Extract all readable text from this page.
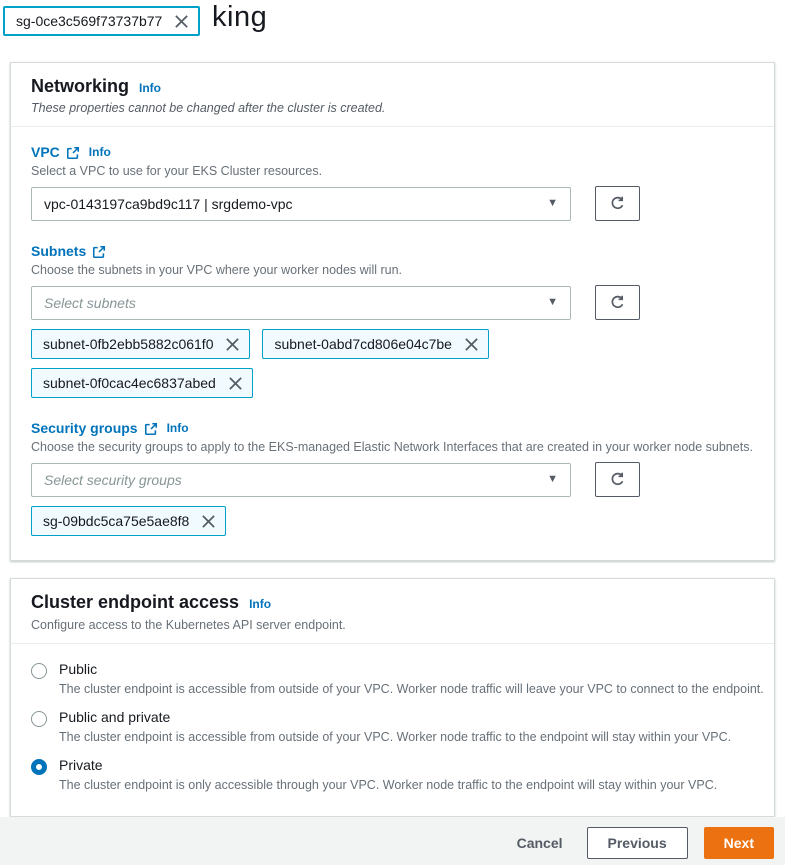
king
sg-0ce3c569f73737b77
Networking Info
These properties cannot be changed after the cluster is created.
VPC Info
Select a VPC to use for your EKS Cluster resources.
vpc-0143197ca9bd9c117 | srgdemo-vpc	▼
Subnets
Choose the subnets in your VPC where your worker nodes will run.
Select subnets	▼
subnet-0fb2ebb5882c061f0	subnet-0abd7cd806e04c7be
subnet-0f0cac4ec6837abed
Security groups Info
Choose the security groups to apply to the EKS-managed Elastic Network Interfaces that are created in your worker node subnets.
Select security groups	▼
sg-09bdc5ca75e5ae8f8
Cluster endpoint access Info
Configure access to the Kubernetes API server endpoint.
Public
The cluster endpoint is accessible from outside of your VPC. Worker node traffic will leave your VPC to connect to the endpoint.
Public and private
The cluster endpoint is accessible from outside of your VPC. Worker node traffic to the endpoint will stay within your VPC.
Private
The cluster endpoint is only accessible through your VPC. Worker node traffic to the endpoint will stay within your VPC.
Cancel	Previous	Next
